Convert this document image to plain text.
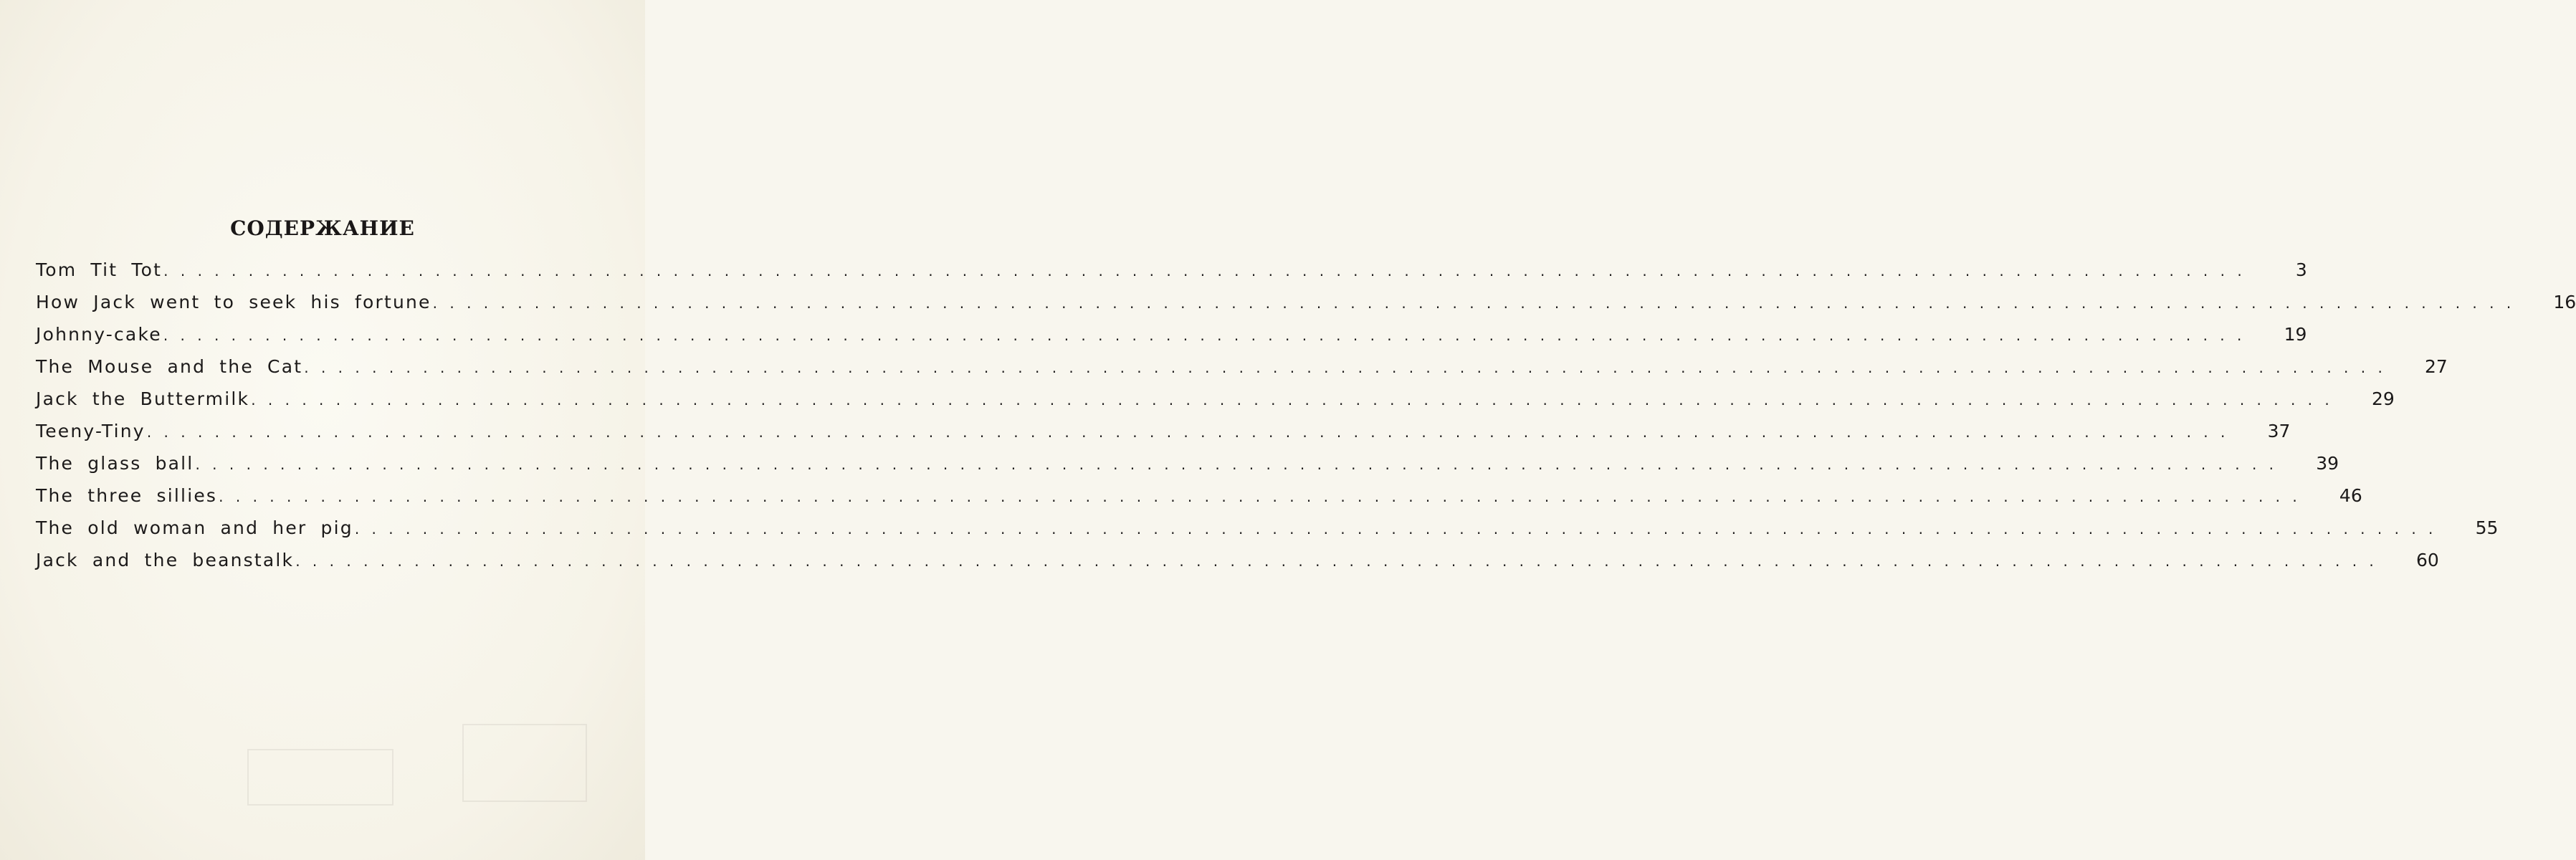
СОДЕРЖАНИЕ
Tom Tit Tot . . . . . . . . . . . . . . . . . . . . . . . . . . . . . . . . . . . . . . . . . . . . . . . . . . . . . . . . . . . . . . . . . . . . . . . . . . . . . . . . . . . . . . . . . . . . . . . . . . . . . . . . . . . . . . . . . . . . . . . . . . .	3
How Jack went to seek his fortune . . . . . . . . . . . . . . . . . . . . . . . . . . . . . . . . . . . . . . . . . . . . . . . . . . . . . . . . . . . . . . . . . . . . . . . . . . . . . . . . . . . . . . . . . . . . . . . . . . . . . . . . . . . . . . . . . . . . . . . . . . .	16
Johnny-cake . . . . . . . . . . . . . . . . . . . . . . . . . . . . . . . . . . . . . . . . . . . . . . . . . . . . . . . . . . . . . . . . . . . . . . . . . . . . . . . . . . . . . . . . . . . . . . . . . . . . . . . . . . . . . . . . . . . . . . . . . . .	19
The Mouse and the Cat . . . . . . . . . . . . . . . . . . . . . . . . . . . . . . . . . . . . . . . . . . . . . . . . . . . . . . . . . . . . . . . . . . . . . . . . . . . . . . . . . . . . . . . . . . . . . . . . . . . . . . . . . . . . . . . . . . . . . . . . . . .	27
Jack the Buttermilk . . . . . . . . . . . . . . . . . . . . . . . . . . . . . . . . . . . . . . . . . . . . . . . . . . . . . . . . . . . . . . . . . . . . . . . . . . . . . . . . . . . . . . . . . . . . . . . . . . . . . . . . . . . . . . . . . . . . . . . . . . .	29
Teeny-Tiny . . . . . . . . . . . . . . . . . . . . . . . . . . . . . . . . . . . . . . . . . . . . . . . . . . . . . . . . . . . . . . . . . . . . . . . . . . . . . . . . . . . . . . . . . . . . . . . . . . . . . . . . . . . . . . . . . . . . . . . . . . .	37
The glass ball . . . . . . . . . . . . . . . . . . . . . . . . . . . . . . . . . . . . . . . . . . . . . . . . . . . . . . . . . . . . . . . . . . . . . . . . . . . . . . . . . . . . . . . . . . . . . . . . . . . . . . . . . . . . . . . . . . . . . . . . . . .	39
The three sillies . . . . . . . . . . . . . . . . . . . . . . . . . . . . . . . . . . . . . . . . . . . . . . . . . . . . . . . . . . . . . . . . . . . . . . . . . . . . . . . . . . . . . . . . . . . . . . . . . . . . . . . . . . . . . . . . . . . . . . . . . . .	46
The old woman and her pig . . . . . . . . . . . . . . . . . . . . . . . . . . . . . . . . . . . . . . . . . . . . . . . . . . . . . . . . . . . . . . . . . . . . . . . . . . . . . . . . . . . . . . . . . . . . . . . . . . . . . . . . . . . . . . . . . . . . . . . . . . .	55
Jack and the beanstalk . . . . . . . . . . . . . . . . . . . . . . . . . . . . . . . . . . . . . . . . . . . . . . . . . . . . . . . . . . . . . . . . . . . . . . . . . . . . . . . . . . . . . . . . . . . . . . . . . . . . . . . . . . . . . . . . . . . . . . . . . . .	60
